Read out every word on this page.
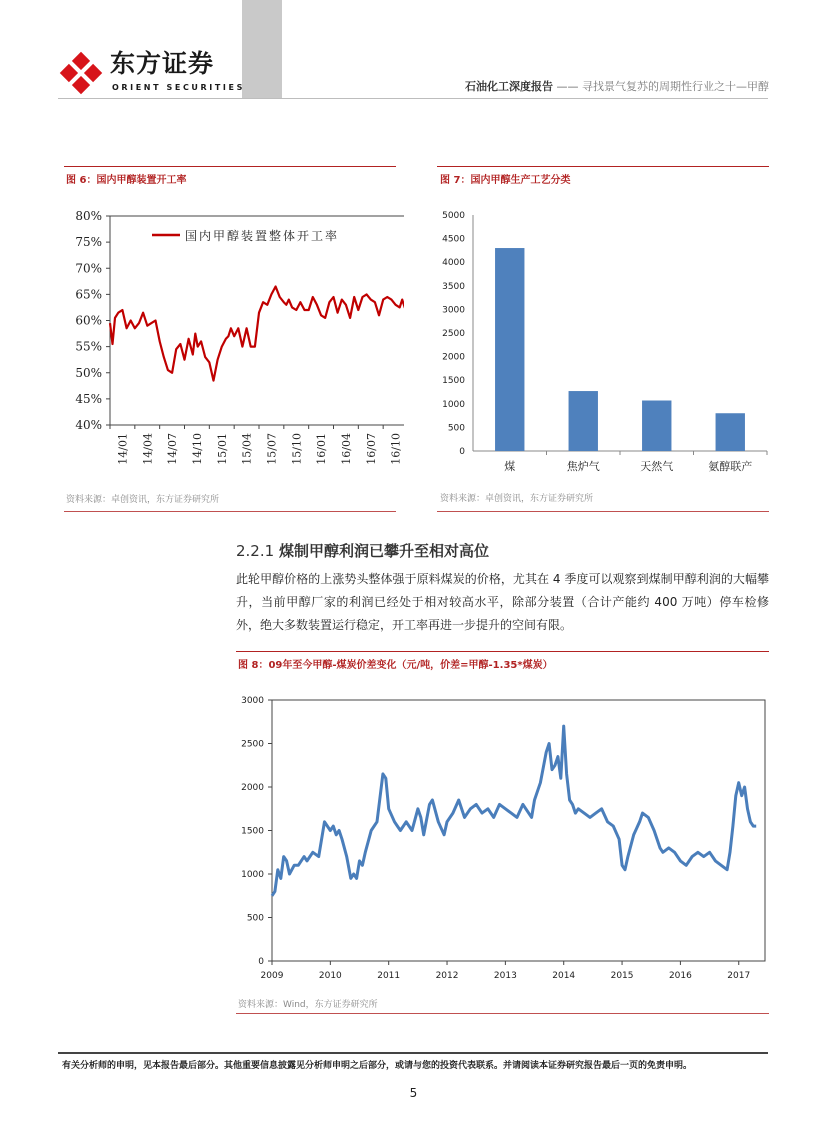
东方证券
ORIENT SECURITIES	石油化工深度报告 —— 寻找景气复苏的周期性行业之十—甲醇
图 6：国内甲醇装置开工率
40%
45%
50%
55%
60%
65%
70%
75%
80%
14/01 14/04 14/07 14/10 15/01 15/04 15/07 15/10 16/01 16/04 16/07 16/10
国内甲醇装置整体开工率
资料来源：卓创资讯，东方证券研究所
图 7：国内甲醇生产工艺分类
0
500
1000
1500
2000
2500
3000
3500
4000
4500
5000
煤	焦炉气	天然气	氨醇联产
资料来源：卓创资讯，东方证券研究所
2.2.1 煤制甲醇利润已攀升至相对高位
此轮甲醇价格的上涨势头整体强于原料煤炭的价格，尤其在 4 季度可以观察到煤制甲醇利润的大幅攀升，当前甲醇厂家的利润已经处于相对较高水平，除部分装置（合计产能约 400 万吨）停车检修外，绝大多数装置运行稳定，开工率再进一步提升的空间有限。
图 8：09年至今甲醇-煤炭价差变化（元/吨，价差=甲醇-1.35*煤炭）
0
500
1000
1500
2000
2500
3000
2009	2010	2011	2012	2013	2014	2015	2016	2017
资料来源：Wind，东方证券研究所
有关分析师的申明，见本报告最后部分。其他重要信息披露见分析师申明之后部分，或请与您的投资代表联系。并请阅读本证券研究报告最后一页的免责申明。
5
